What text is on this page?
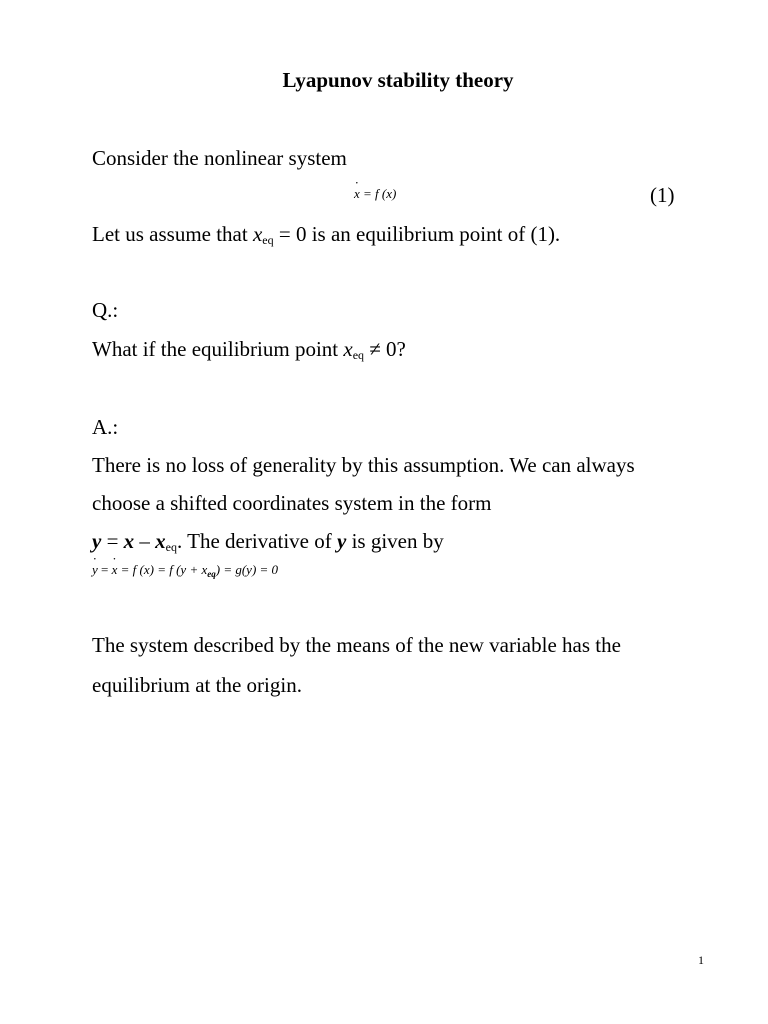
Lyapunov stability theory
Consider the nonlinear system
· x = f (x)	(1)
Let us assume that $x_{eq} = 0$ is an equilibrium point of (1).
Q.:
What if the equilibrium point $x_{eq} \ne 0$?
A.:
There is no loss of generality by this assumption. We can always
choose a shifted coordinates system in the form
$y = x - x_{eq}$. The derivative of y is given by
· y = · x = f (x) = f $(y + x_{eq}) = g(y) = 0$
The system described by the means of the new variable has the
equilibrium at the origin.
1
